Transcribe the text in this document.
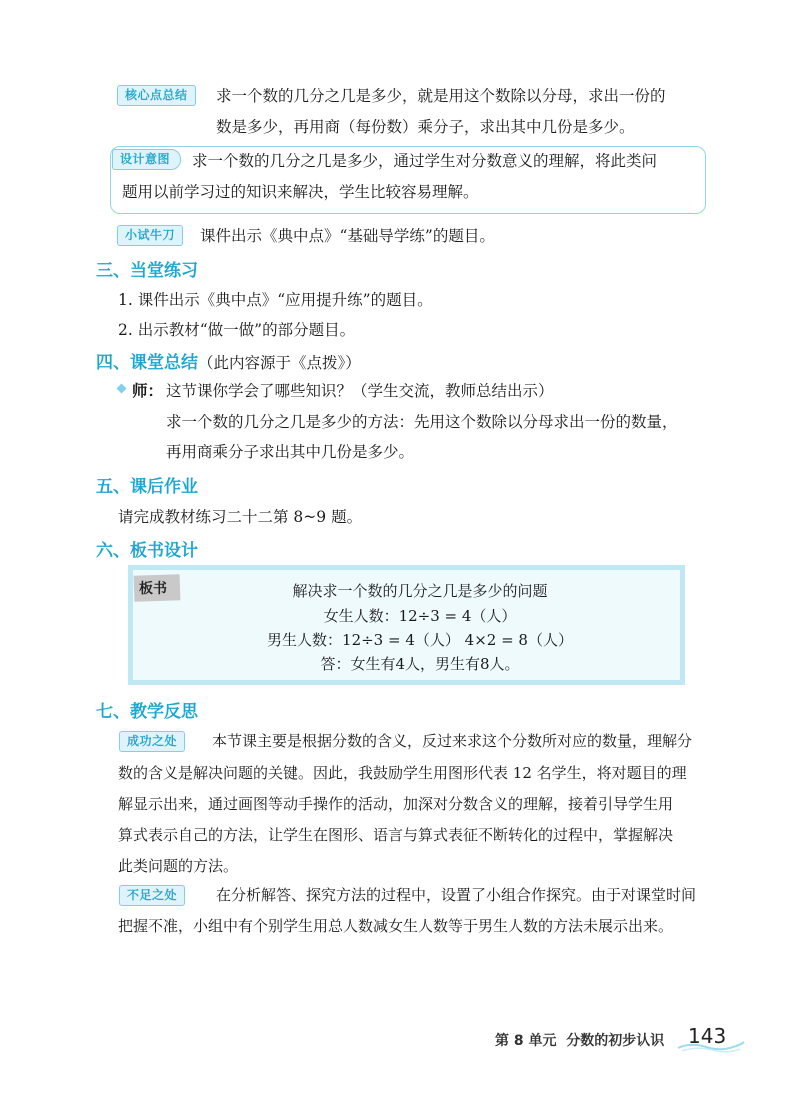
核心点总结	求一个数的几分之几是多少，就是用这个数除以分母，求出一份的
数是多少，再用商（每份数）乘分子，求出其中几份是多少。
设计意图	求一个数的几分之几是多少，通过学生对分数意义的理解，将此类问
题用以前学习过的知识来解决，学生比较容易理解。
小试牛刀	课件出示《典中点》“基础导学练”的题目。
三、当堂练习
1. 课件出示《典中点》“应用提升练”的题目。
2. 出示教材“做一做”的部分题目。
四、课堂总结（此内容源于《点拨》）
师： 这节课你学会了哪些知识？（学生交流，教师总结出示）
求一个数的几分之几是多少的方法：先用这个数除以分母求出一份的数量，
再用商乘分子求出其中几份是多少。
五、课后作业
请完成教材练习二十二第 8~9 题。
六、板书设计
板书	解决求一个数的几分之几是多少的问题
女生人数：12÷3 = 4（人）
男生人数：12÷3 = 4（人） 4×2 = 8（人）
答：女生有4人，男生有8人。
七、教学反思
成功之处	本节课主要是根据分数的含义，反过来求这个分数所对应的数量，理解分
数的含义是解决问题的关键。因此，我鼓励学生用图形代表 12 名学生，将对题目的理
解显示出来，通过画图等动手操作的活动，加深对分数含义的理解，接着引导学生用
算式表示自己的方法，让学生在图形、语言与算式表征不断转化的过程中，掌握解决
此类问题的方法。
不足之处	在分析解答、探究方法的过程中，设置了小组合作探究。由于对课堂时间
把握不准，小组中有个别学生用总人数减女生人数等于男生人数的方法未展示出来。
第 8 单元 分数的初步认识 143
